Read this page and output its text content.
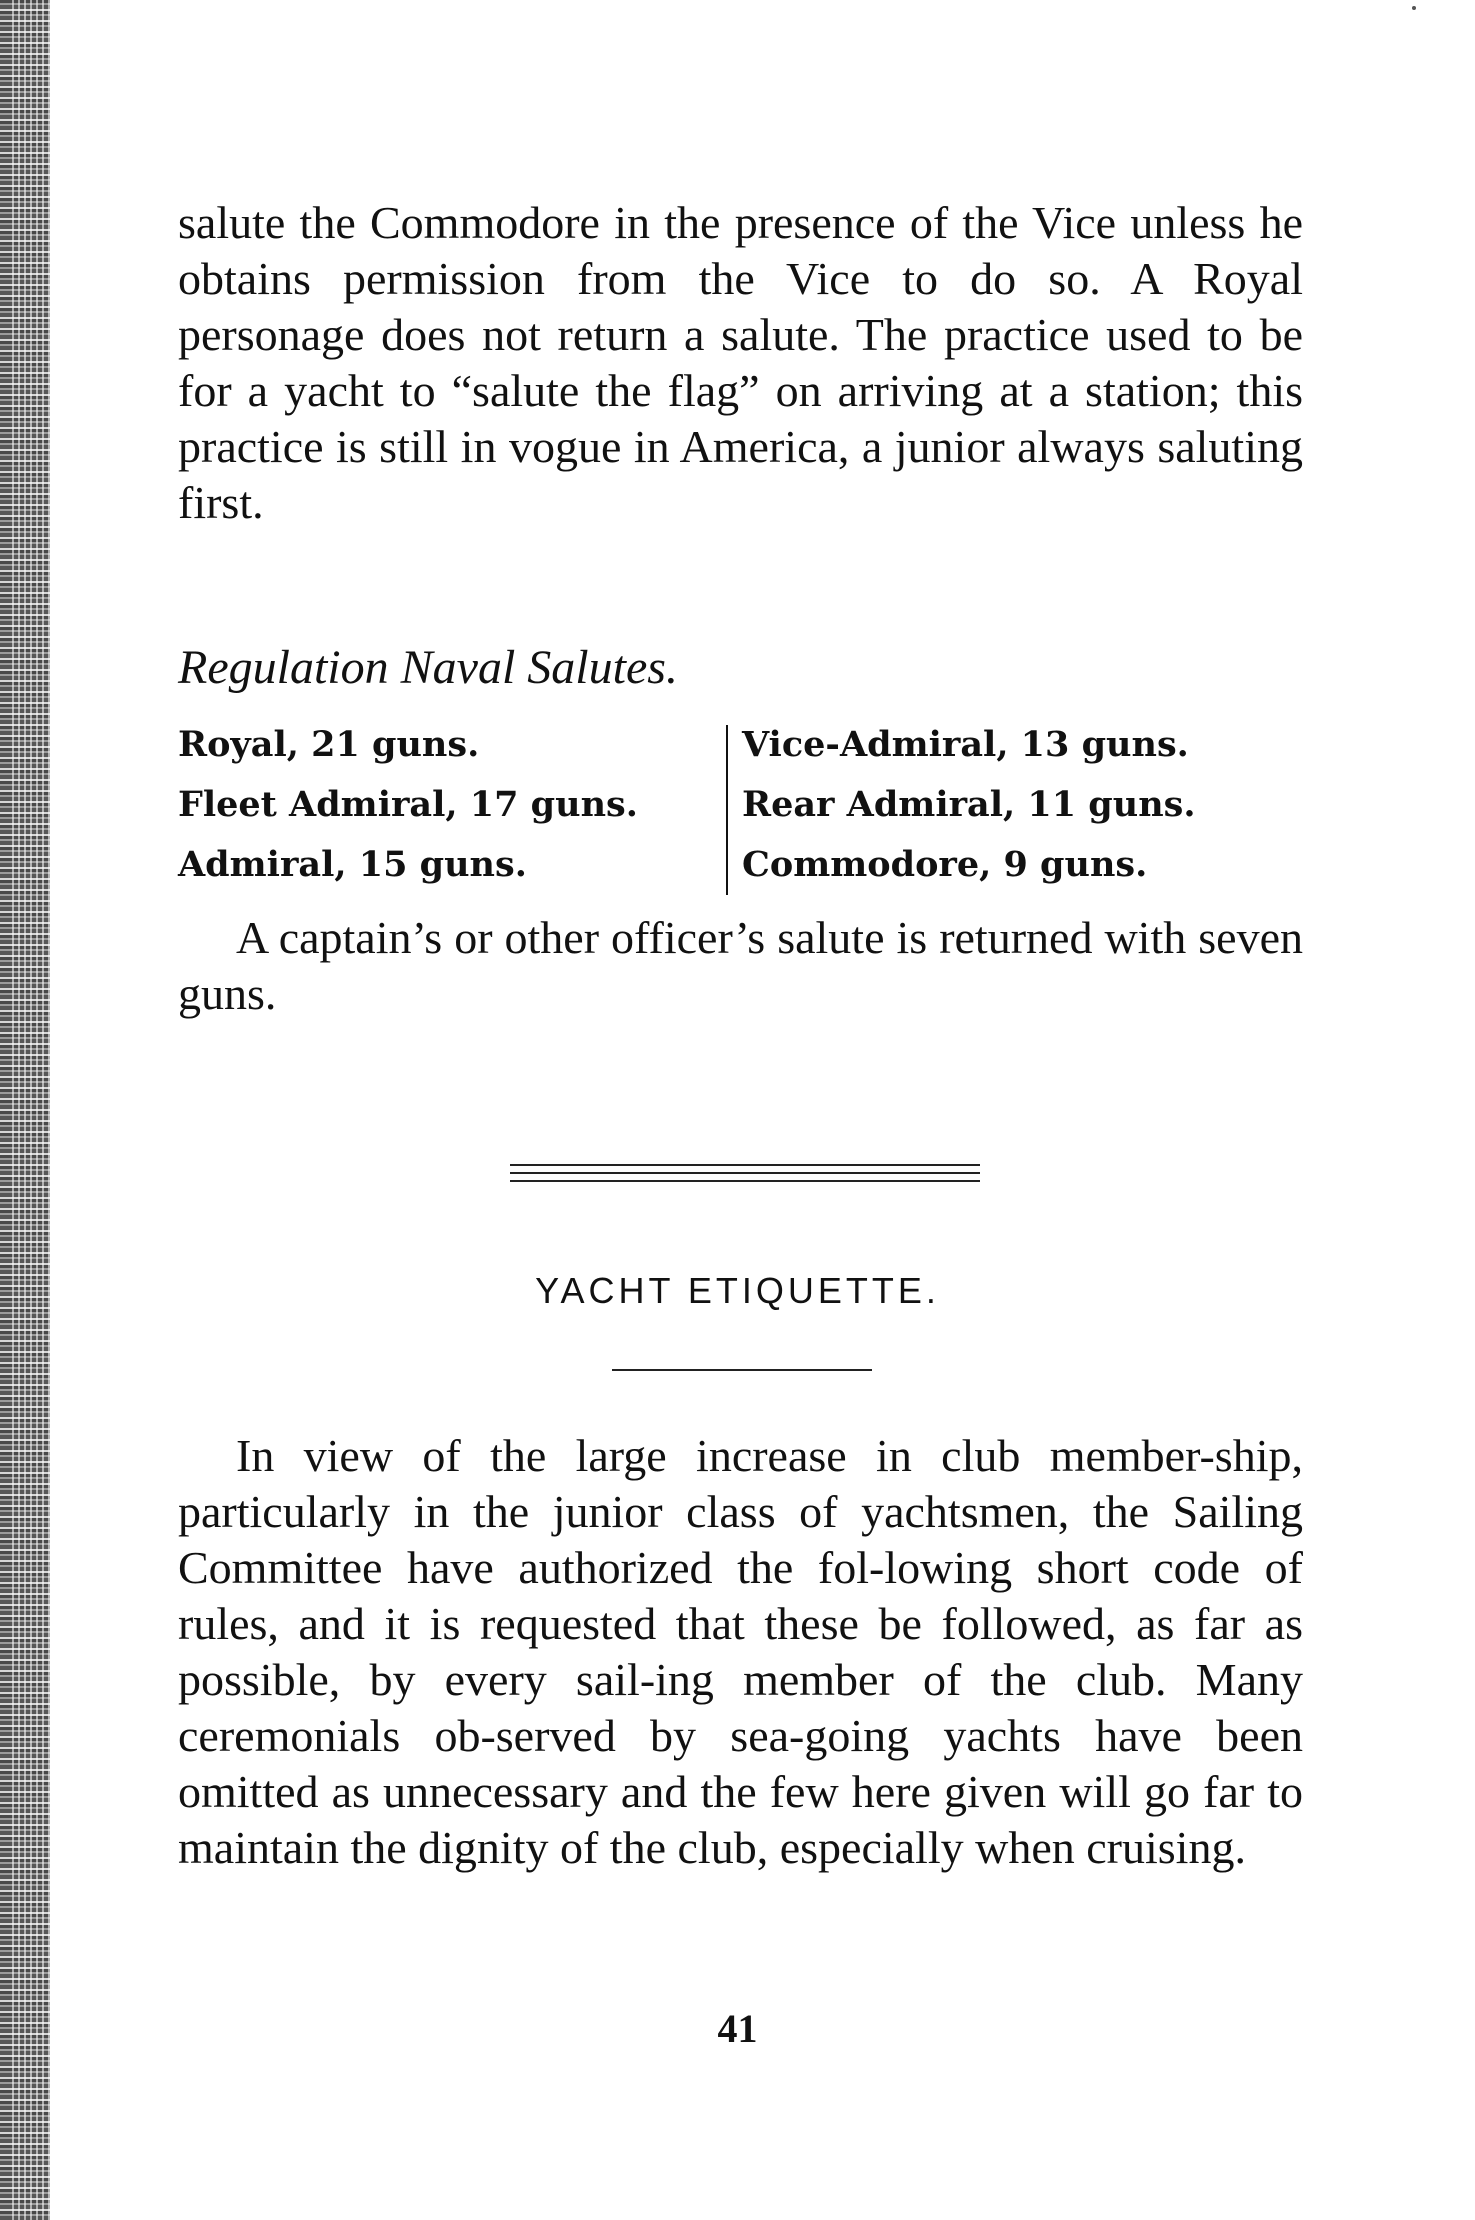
salute the Commodore in the presence of the Vice unless he obtains permission from the Vice to do so. A Royal personage does not return a salute. The practice used to be for a yacht to “salute the flag” on arriving at a station; this practice is still in vogue in America, a junior always saluting first.

Regulation Naval Salutes.

Royal, 21 guns.
Fleet Admiral, 17 guns.
Admiral, 15 guns.
Vice-Admiral, 13 guns.
Rear Admiral, 11 guns.
Commodore, 9 guns.

A captain’s or other officer’s salute is returned with seven guns.

YACHT ETIQUETTE.

In view of the large increase in club member-ship, particularly in the junior class of yachtsmen, the Sailing Committee have authorized the fol-lowing short code of rules, and it is requested that these be followed, as far as possible, by every sail-ing member of the club. Many ceremonials ob-served by sea-going yachts have been omitted as unnecessary and the few here given will go far to maintain the dignity of the club, especially when cruising.

41
